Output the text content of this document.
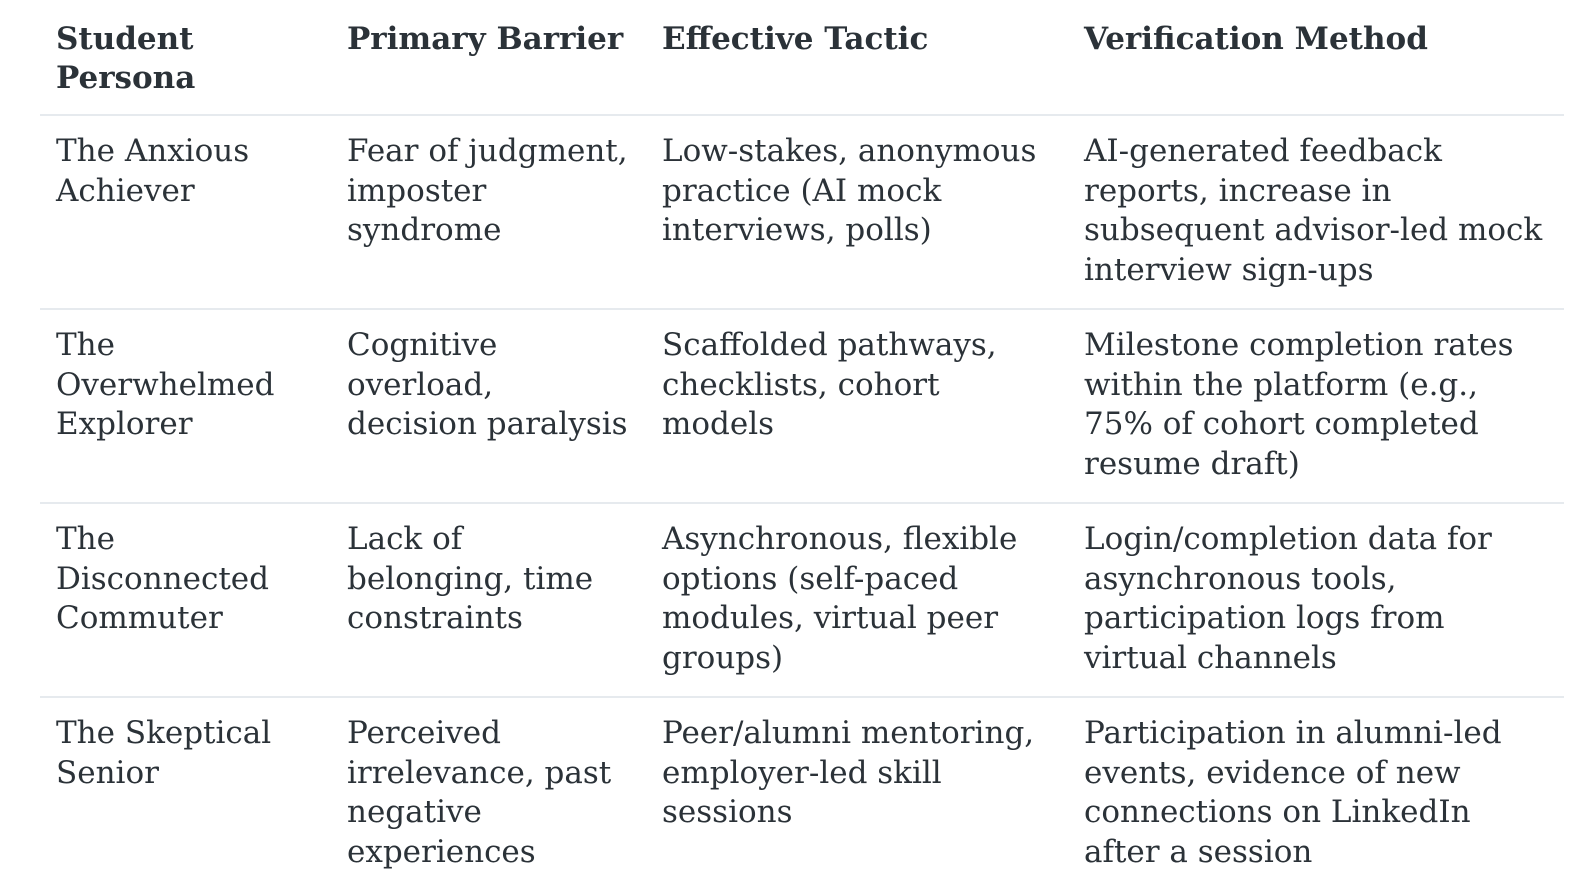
Student Persona	Primary Barrier	Effective Tactic	Verification Method
The Anxious Achiever	Fear of judgment, imposter syndrome	Low-stakes, anonymous practice (AI mock interviews, polls)	AI-generated feedback reports, increase in subsequent advisor-led mock interview sign-ups
The Overwhelmed Explorer	Cognitive overload, decision paralysis	Scaffolded pathways, checklists, cohort models	Milestone completion rates within the platform (e.g., 75% of cohort completed resume draft)
The Disconnected Commuter	Lack of belonging, time constraints	Asynchronous, flexible options (self-paced modules, virtual peer groups)	Login/completion data for asynchronous tools, participation logs from virtual channels
The Skeptical Senior	Perceived irrelevance, past negative experiences	Peer/alumni mentoring, employer-led skill sessions	Participation in alumni-led events, evidence of new connections on LinkedIn after a session
